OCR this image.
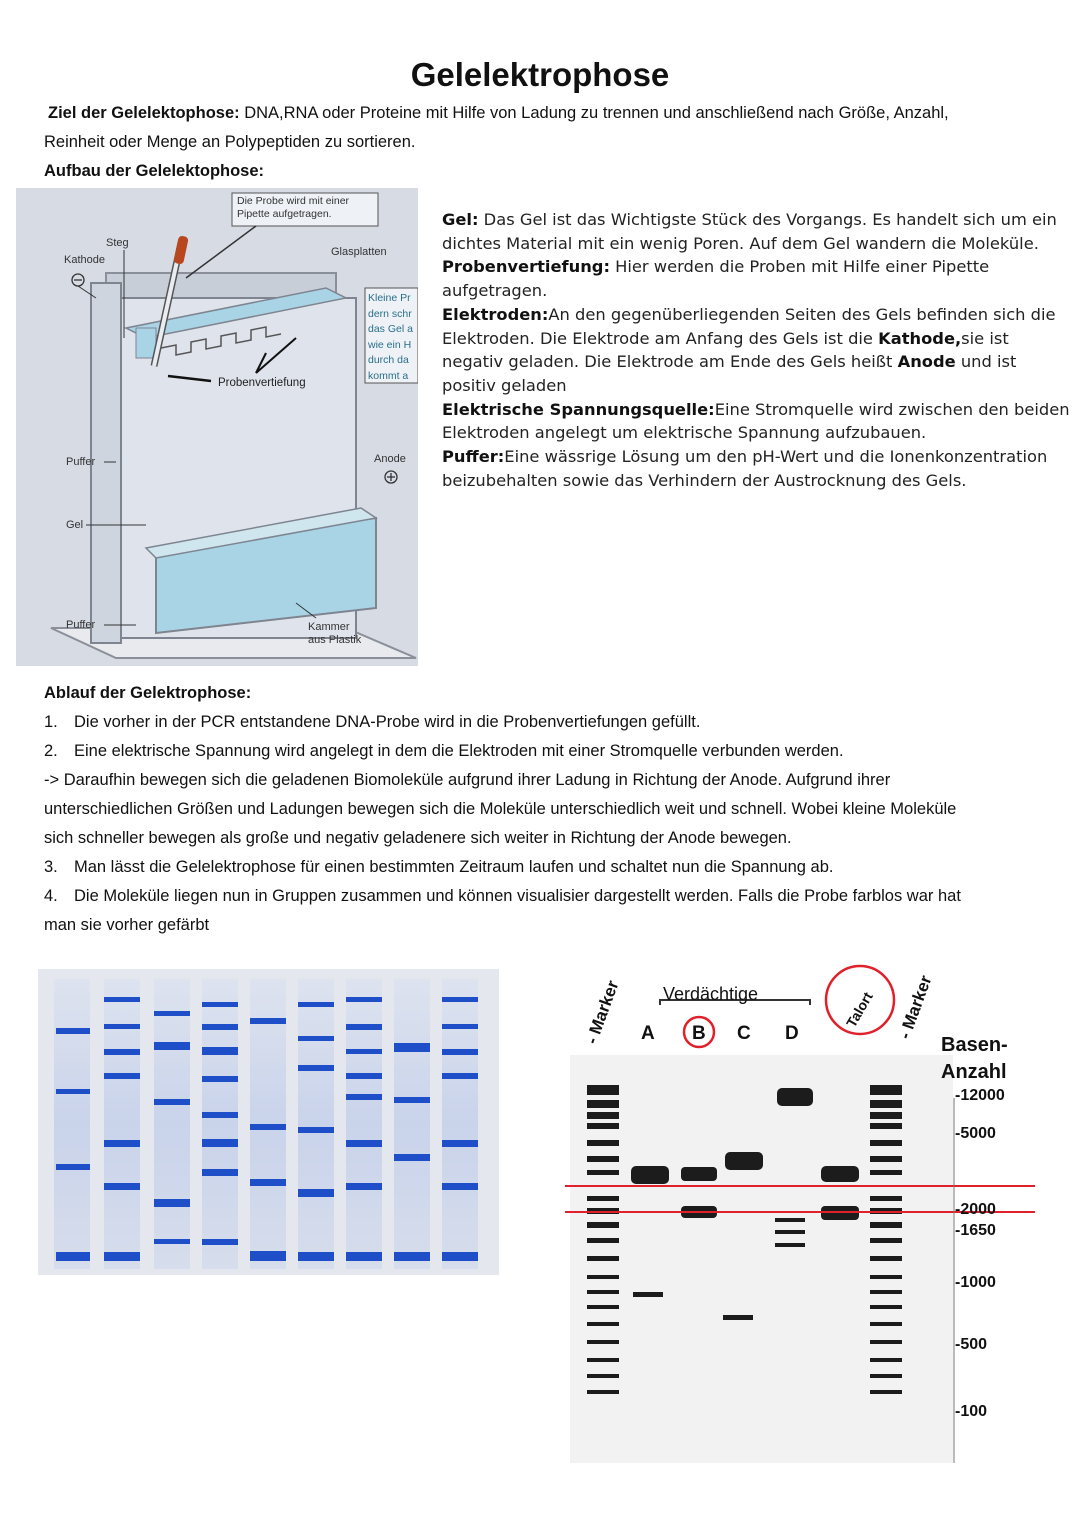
Gelelektrophose

Ziel der Gelelektophose: DNA,RNA oder Proteine mit Hilfe von Ladung zu trennen und anschließend nach Größe, Anzahl,

Reinheit oder Menge an Polypeptiden zu sortieren.

Aufbau der Gelelektophose:

Die Probe wird mit einer Pipette aufgetragen.
Steg
Kathode
Glasplatten
Kleine Pr
dern schr
das Gel a
wie ein H
durch da
kommt a
Probenvertiefung
Puffer	Anode
Gel
Puffer	Kammer
aus Plastik

Gel: Das Gel ist das Wichtigste Stück des Vorgangs. Es handelt sich um ein dichtes Material mit ein wenig Poren. Auf dem Gel wandern die Moleküle.

Probenvertiefung: Hier werden die Proben mit Hilfe einer Pipette aufgetragen.

Elektroden:An den gegenüberliegenden Seiten des Gels befinden sich die Elektroden. Die Elektrode am Anfang des Gels ist die Kathode,sie ist negativ geladen. Die Elektrode am Ende des Gels heißt Anode und ist positiv geladen

Elektrische Spannungsquelle:Eine Stromquelle wird zwischen den beiden Elektroden angelegt um elektrische Spannung aufzubauen.

Puffer:Eine wässrige Lösung um den pH-Wert und die Ionenkonzentration beizubehalten sowie das Verhindern der Austrocknung des Gels.

Ablauf der Gelektrophose:
1. Die vorher in der PCR entstandene DNA-Probe wird in die Probenvertiefungen gefüllt.
2. Eine elektrische Spannung wird angelegt in dem die Elektroden mit einer Stromquelle verbunden werden.
-> Daraufhin bewegen sich die geladenen Biomoleküle aufgrund ihrer Ladung in Richtung der Anode. Aufgrund ihrer
unterschiedlichen Größen und Ladungen bewegen sich die Moleküle unterschiedlich weit und schnell. Wobei kleine Moleküle
sich schneller bewegen als große und negativ geladenere sich weiter in Richtung der Anode bewegen.
3. Man lässt die Gelelektrophose für einen bestimmten Zeitraum laufen und schaltet nun die Spannung ab.
4. Die Moleküle liegen nun in Gruppen zusammen und können visualisier dargestellt werden. Falls die Probe farblos war hat
man sie vorher gefärbt
- Marker Verdächtige
A B C D
Talort - Marker
Basen-
Anzahl
-12000
-5000
-2000
-1650
-1000
-500
-100
